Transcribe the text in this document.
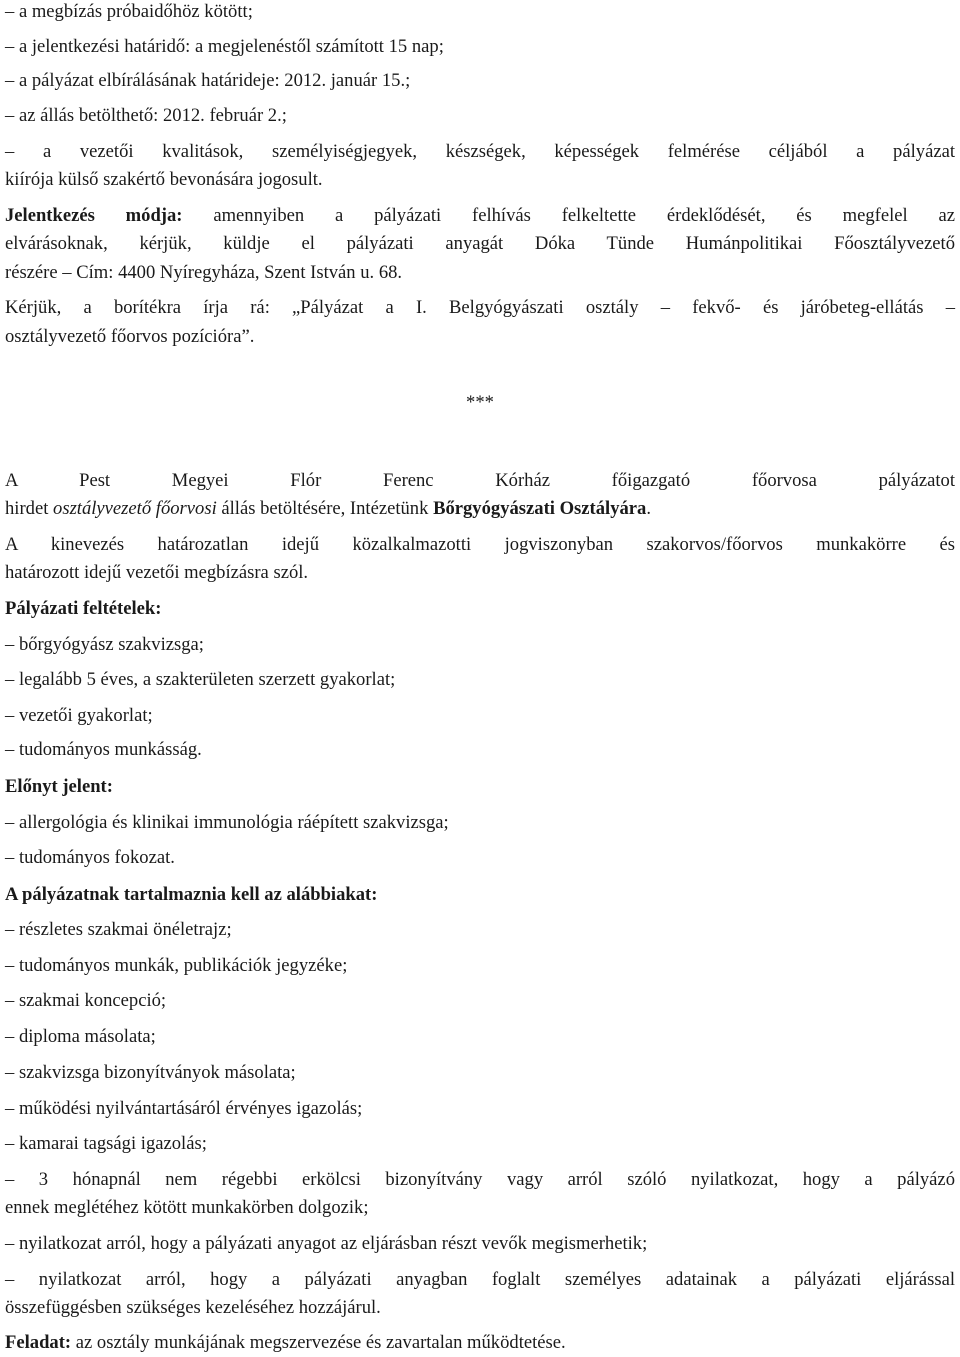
– a megbízás próbaidőhöz kötött;
– a jelentkezési határidő: a megjelenéstől számított 15 nap;
– a pályázat elbírálásának határideje: 2012. január 15.;
– az állás betölthető: 2012. február 2.;
– a vezetői kvalitások, személyiségjegyek, készségek, képességek felmérése céljából a pályázat
kiírója külső szakértő bevonására jogosult.
Jelentkezés módja: amennyiben a pályázati felhívás felkeltette érdeklődését, és megfelel az
elvárásoknak, kérjük, küldje el pályázati anyagát Dóka Tünde Humánpolitikai Főosztályvezető
részére – Cím: 4400 Nyíregyháza, Szent István u. 68.
Kérjük, a borítékra írja rá: „Pályázat a I. Belgyógyászati osztály – fekvő- és járóbeteg-ellátás –
osztályvezető főorvos pozícióra”.
***
A Pest Megyei Flór Ferenc Kórház főigazgató főorvosa pályázatot
hirdet osztályvezető főorvosi állás betöltésére, Intézetünk Bőrgyógyászati Osztályára.
A kinevezés határozatlan idejű közalkalmazotti jogviszonyban szakorvos/főorvos munkakörre és
határozott idejű vezetői megbízásra szól.
Pályázati feltételek:
– bőrgyógyász szakvizsga;
– legalább 5 éves, a szakterületen szerzett gyakorlat;
– vezetői gyakorlat;
– tudományos munkásság.
Előnyt jelent:
– allergológia és klinikai immunológia ráépített szakvizsga;
– tudományos fokozat.
A pályázatnak tartalmaznia kell az alábbiakat:
– részletes szakmai önéletrajz;
– tudományos munkák, publikációk jegyzéke;
– szakmai koncepció;
– diploma másolata;
– szakvizsga bizonyítványok másolata;
– működési nyilvántartásáról érvényes igazolás;
– kamarai tagsági igazolás;
– 3 hónapnál nem régebbi erkölcsi bizonyítvány vagy arról szóló nyilatkozat, hogy a pályázó
ennek meglétéhez kötött munkakörben dolgozik;
– nyilatkozat arról, hogy a pályázati anyagot az eljárásban részt vevők megismerhetik;
– nyilatkozat arról, hogy a pályázati anyagban foglalt személyes adatainak a pályázati eljárással
összefüggésben szükséges kezeléséhez hozzájárul.
Feladat: az osztály munkájának megszervezése és zavartalan működtetése.
